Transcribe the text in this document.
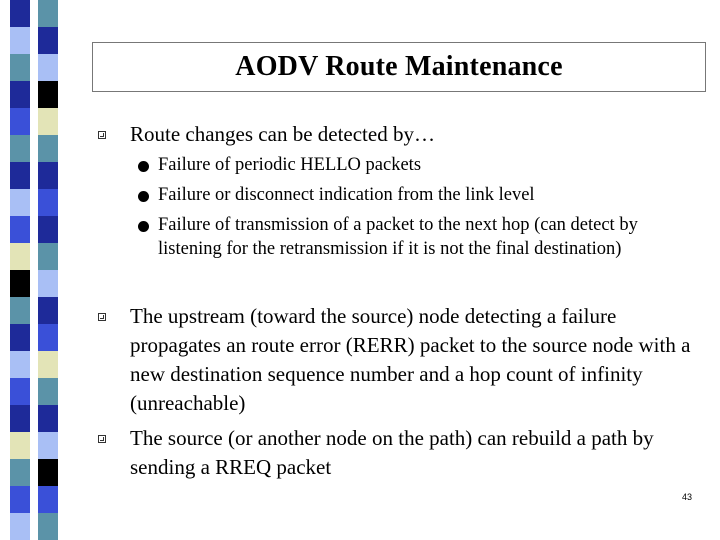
AODV Route Maintenance
Route changes can be detected by…
Failure of periodic HELLO packets
Failure or disconnect indication from the link level
Failure of transmission of a packet to the next hop (can detect by listening for the retransmission if it is not the final destination)
The upstream (toward the source) node detecting a failure propagates an route error (RERR) packet to the source node with a new destination sequence number and a hop count of infinity (unreachable)
The source (or another node on the path) can rebuild a path by sending a RREQ packet
43
